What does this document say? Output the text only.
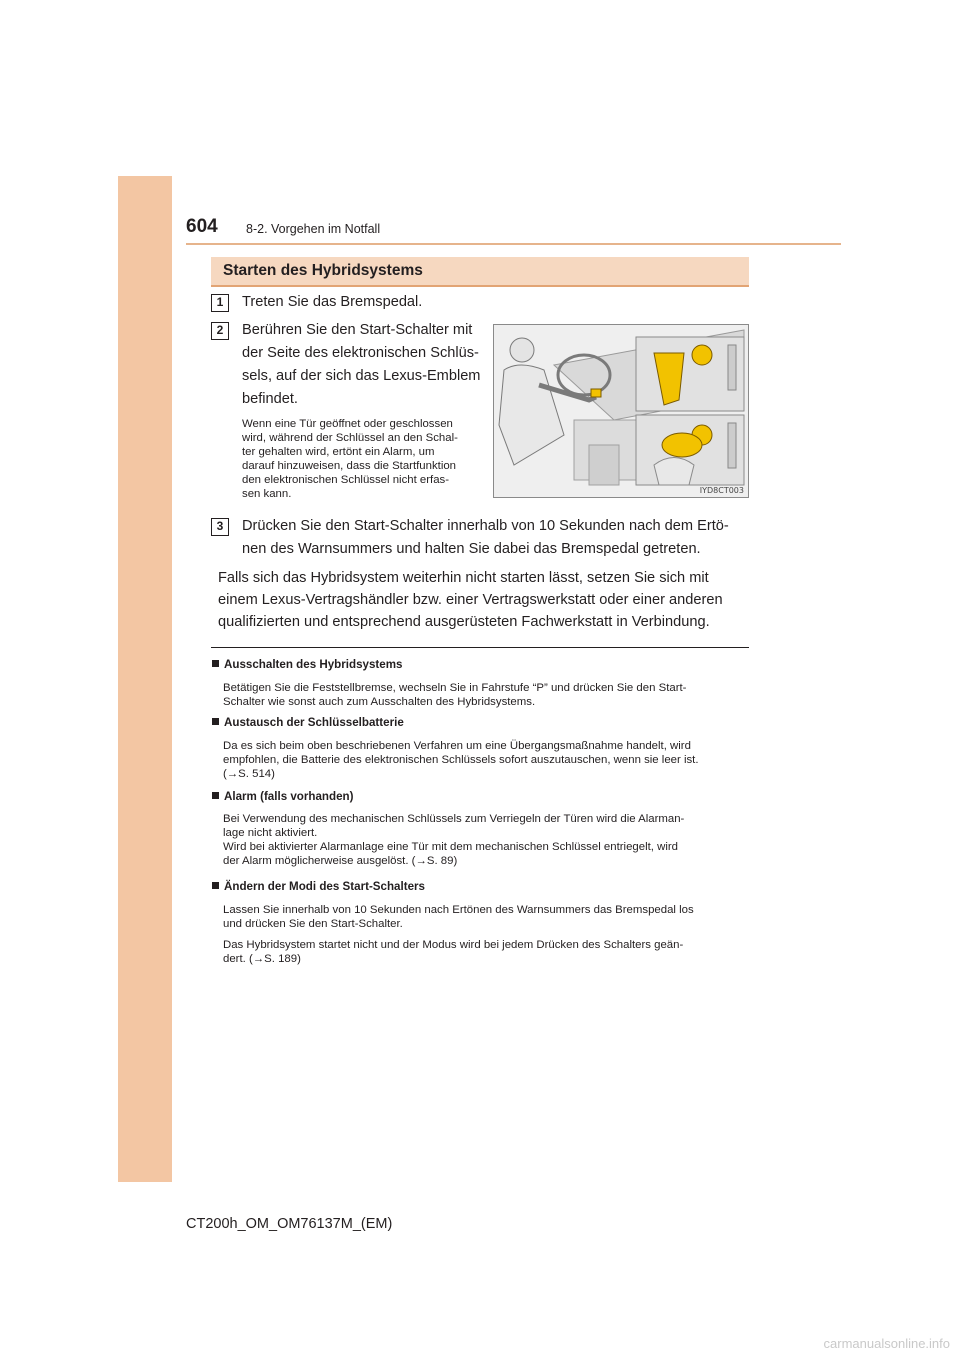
604 8-2. Vorgehen im Notfall
Starten des Hybridsystems
1	Treten Sie das Bremspedal.
2	Berühren Sie den Start-Schalter mit
der Seite des elektronischen Schlüs-
sels, auf der sich das Lexus-Emblem
befindet.
Wenn eine Tür geöffnet oder geschlossen
wird, während der Schlüssel an den Schal-
ter gehalten wird, ertönt ein Alarm, um
darauf hinzuweisen, dass die Startfunktion
den elektronischen Schlüssel nicht erfas-
sen kann.	IYD8CT003
3	Drücken Sie den Start-Schalter innerhalb von 10 Sekunden nach dem Ertö-
nen des Warnsummers und halten Sie dabei das Bremspedal getreten.
Falls sich das Hybridsystem weiterhin nicht starten lässt, setzen Sie sich mit
einem Lexus-Vertragshändler bzw. einer Vertragswerkstatt oder einer anderen
qualifizierten und entsprechend ausgerüsteten Fachwerkstatt in Verbindung.
Ausschalten des Hybridsystems
Betätigen Sie die Feststellbremse, wechseln Sie in Fahrstufe “P” und drücken Sie den Start-
Schalter wie sonst auch zum Ausschalten des Hybridsystems.
Austausch der Schlüsselbatterie
Da es sich beim oben beschriebenen Verfahren um eine Übergangsmaßnahme handelt, wird
empfohlen, die Batterie des elektronischen Schlüssels sofort auszutauschen, wenn sie leer ist.
(→S. 514)
Alarm (falls vorhanden)
Bei Verwendung des mechanischen Schlüssels zum Verriegeln der Türen wird die Alarman-
lage nicht aktiviert.
Wird bei aktivierter Alarmanlage eine Tür mit dem mechanischen Schlüssel entriegelt, wird
der Alarm möglicherweise ausgelöst. (→S. 89)
Ändern der Modi des Start-Schalters
Lassen Sie innerhalb von 10 Sekunden nach Ertönen des Warnsummers das Bremspedal los
und drücken Sie den Start-Schalter.
Das Hybridsystem startet nicht und der Modus wird bei jedem Drücken des Schalters geän-
dert. (→S. 189)
CT200h_OM_OM76137M_(EM)
carmanualsonline.info
